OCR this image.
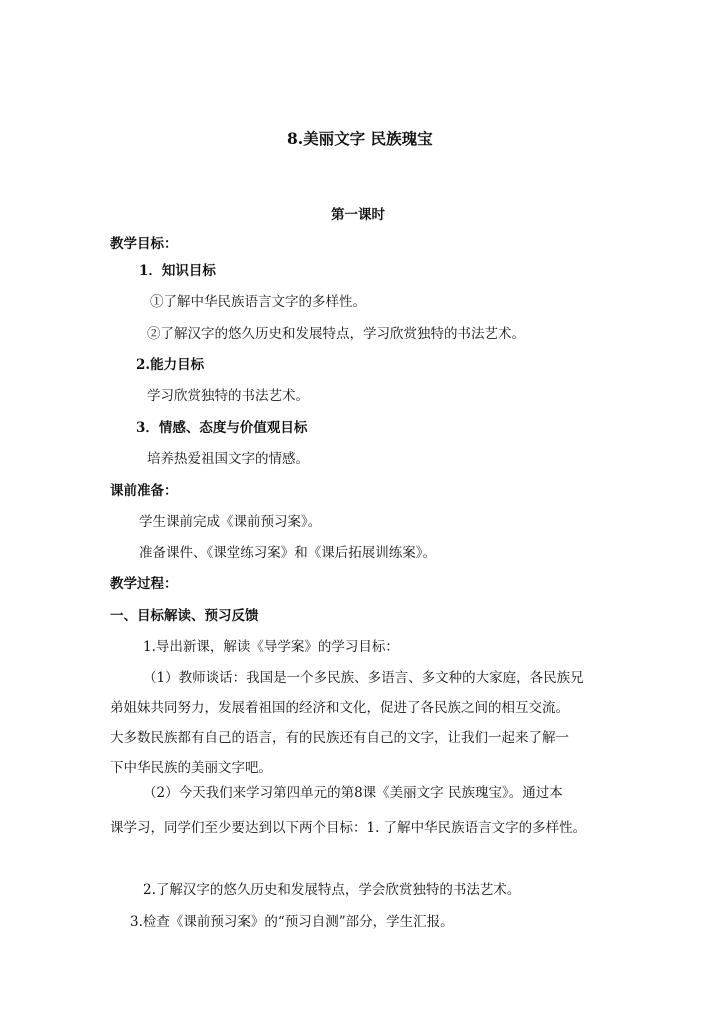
8.美丽文字 民族瑰宝
第一课时
教学目标：
1．知识目标
①了解中华民族语言文字的多样性。
②了解汉字的悠久历史和发展特点，学习欣赏独特的书法艺术。
2.能力目标
学习欣赏独特的书法艺术。
3．情感、态度与价值观目标
培养热爱祖国文字的情感。
课前准备：
学生课前完成《课前预习案》。
准备课件、《课堂练习案》和《课后拓展训练案》。
教学过程：
一、目标解读、预习反馈
1.导出新课，解读《导学案》的学习目标：
（1）教师谈话：我国是一个多民族、多语言、多文种的大家庭，各民族兄
弟姐妹共同努力，发展着祖国的经济和文化，促进了各民族之间的相互交流。
大多数民族都有自己的语言，有的民族还有自己的文字，让我们一起来了解一
下中华民族的美丽文字吧。
（2）今天我们来学习第四单元的第8课《美丽文字 民族瑰宝》。通过本
课学习，同学们至少要达到以下两个目标：1. 了解中华民族语言文字的多样性。
2.了解汉字的悠久历史和发展特点，学会欣赏独特的书法艺术。
3.检查《课前预习案》的“预习自测”部分，学生汇报。
